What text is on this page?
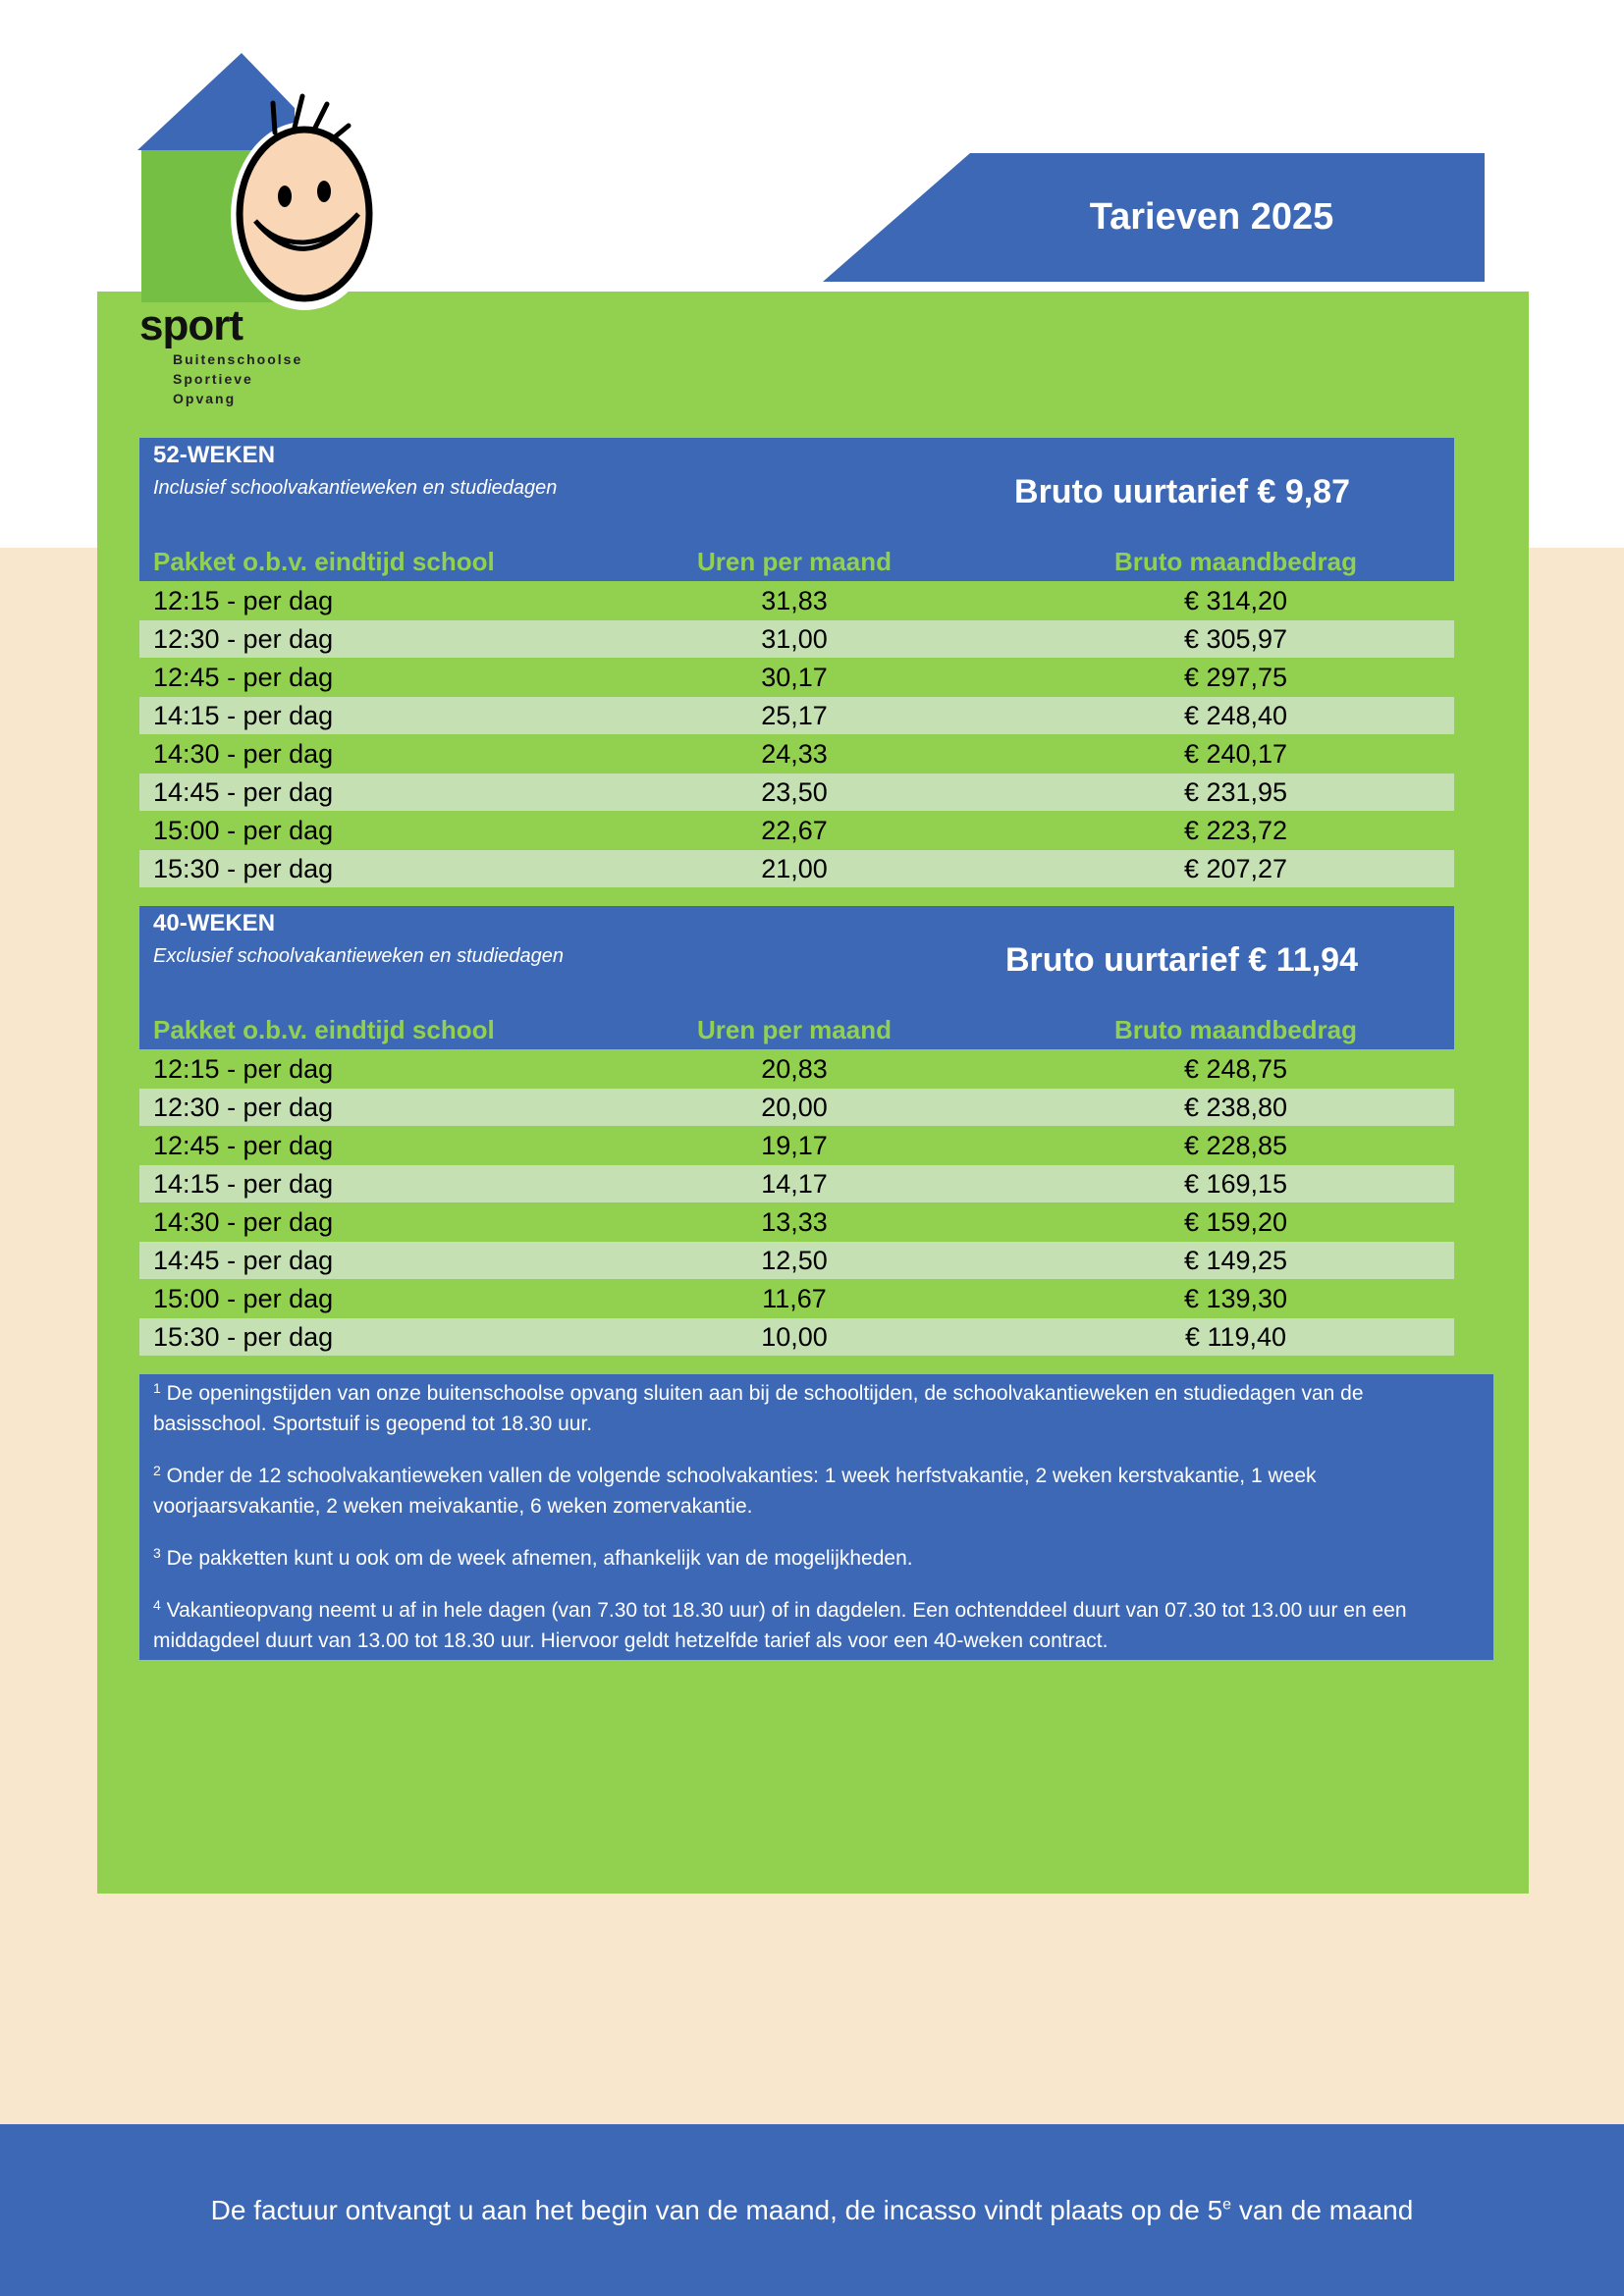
Tarieven 2025
sportstuif
Buitenschoolse
Sportieve
Opvang
52-WEKEN
Inclusief schoolvakantieweken en studiedagen	Bruto uurtarief € 9,87
Pakket o.b.v. eindtijd school	Uren per maand	Bruto maandbedrag
12:15 - per dag	31,83	€ 314,20
12:30 - per dag	31,00	€ 305,97
12:45 - per dag	30,17	€ 297,75
14:15 - per dag	25,17	€ 248,40
14:30 - per dag	24,33	€ 240,17
14:45 - per dag	23,50	€ 231,95
15:00 - per dag	22,67	€ 223,72
15:30 - per dag	21,00	€ 207,27
40-WEKEN
Exclusief schoolvakantieweken en studiedagen	Bruto uurtarief € 11,94
Pakket o.b.v. eindtijd school	Uren per maand	Bruto maandbedrag
12:15 - per dag	20,83	€ 248,75
12:30 - per dag	20,00	€ 238,80
12:45 - per dag	19,17	€ 228,85
14:15 - per dag	14,17	€ 169,15
14:30 - per dag	13,33	€ 159,20
14:45 - per dag	12,50	€ 149,25
15:00 - per dag	11,67	€ 139,30
15:30 - per dag	10,00	€ 119,40

$^1$ De openingstijden van onze buitenschoolse opvang sluiten aan bij de schooltijden, de schoolvakantieweken en studiedagen van de basisschool. Sportstuif is geopend tot 18.30 uur.

$^2$ Onder de 12 schoolvakantieweken vallen de volgende schoolvakanties: 1 week herfstvakantie, 2 weken kerstvakantie, 1 week voorjaarsvakantie, 2 weken meivakantie, 6 weken zomervakantie.

$^3$ De pakketten kunt u ook om de week afnemen, afhankelijk van de mogelijkheden.

$^4$ Vakantieopvang neemt u af in hele dagen (van 7.30 tot 18.30 uur) of in dagdelen. Een ochtenddeel duurt van 07.30 tot 13.00 uur en een middagdeel duurt van 13.00 tot 18.30 uur. Hiervoor geldt hetzelfde tarief als voor een 40-weken contract.

De factuur ontvangt u aan het begin van de maand, de incasso vindt plaats op de 5e van de maand
